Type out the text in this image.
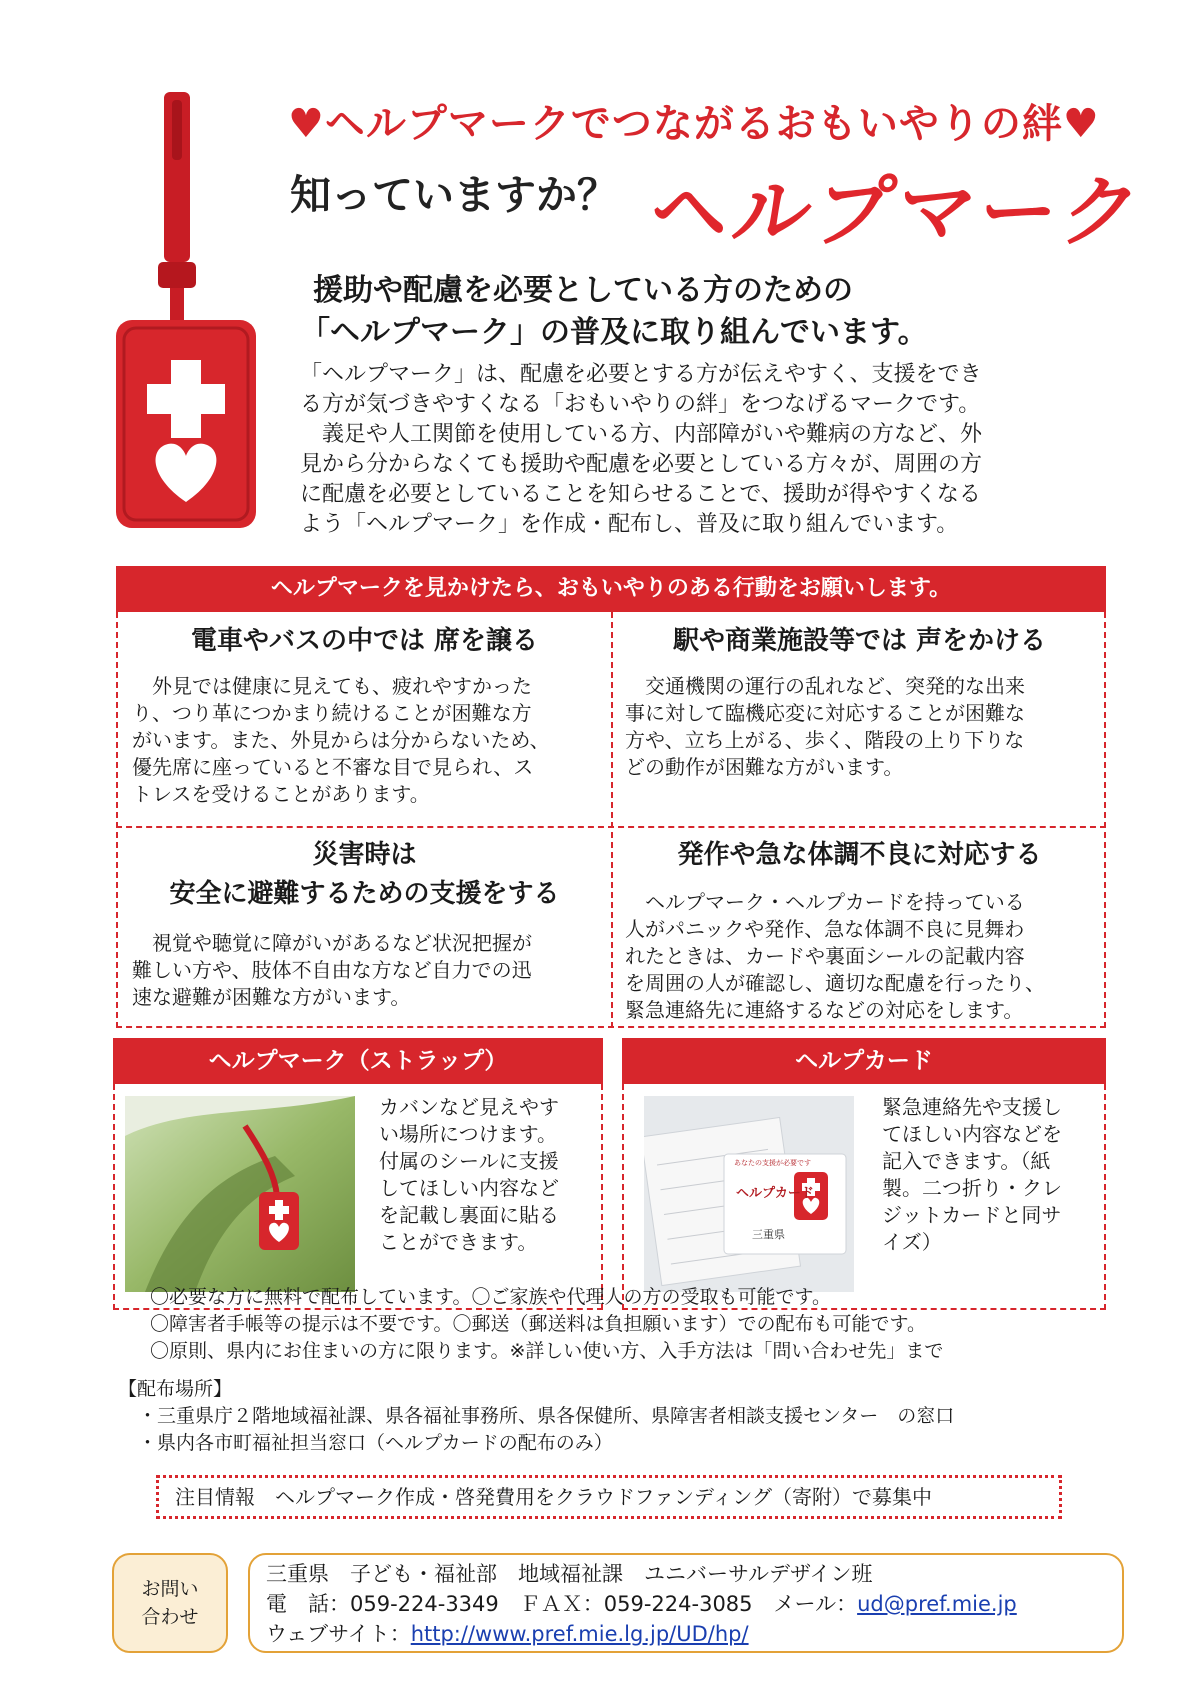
♥ヘルプマークでつながるおもいやりの絆♥
知っていますか？ ヘルプマーク
援助や配慮を必要としている方のための
「ヘルプマーク」の普及に取り組んでいます。

「ヘルプマーク」は、配慮を必要とする方が伝えやすく、支援をでき

る方が気づきやすくなる「おもいやりの絆」をつなげるマークです。

　義足や人工関節を使用している方、内部障がいや難病の方など、外

見から分からなくても援助や配慮を必要としている方々が、周囲の方

に配慮を必要としていることを知らせることで、援助が得やすくなる

よう「ヘルプマーク」を作成・配布し、普及に取り組んでいます。

ヘルプマークを見かけたら、おもいやりのある行動をお願いします。
電車やバスの中では 席を譲る

　外見では健康に見えても、疲れやすかった

り、つり革につかまり続けることが困難な方

がいます。また、外見からは分からないため、

優先席に座っていると不審な目で見られ、ス

トレスを受けることがあります。

駅や商業施設等では 声をかける

　交通機関の運行の乱れなど、突発的な出来

事に対して臨機応変に対応することが困難な

方や、立ち上がる、歩く、階段の上り下りな

どの動作が困難な方がいます。

災害時は
安全に避難するための支援をする

　視覚や聴覚に障がいがあるなど状況把握が

難しい方や、肢体不自由な方など自力での迅

速な避難が困難な方がいます。

発作や急な体調不良に対応する

　ヘルプマーク・ヘルプカードを持っている

人がパニックや発作、急な体調不良に見舞わ

れたときは、カードや裏面シールの記載内容

を周囲の人が確認し、適切な配慮を行ったり、

緊急連絡先に連絡するなどの対応をします。

ヘルプマーク（ストラップ）

カバンなど見えやす

い場所につけます。

付属のシールに支援

してほしい内容など

を記載し裏面に貼る

ことができます。

ヘルプカード
あなたの支援が必要です
ヘルプカード
三重県

緊急連絡先や支援し

てほしい内容などを

記入できます。（紙

製。二つ折り・クレ

ジットカードと同サ

イズ）

〇必要な方に無料で配布しています。〇ご家族や代理人の方の受取も可能です。

〇障害者手帳等の提示は不要です。〇郵送（郵送料は負担願います）での配布も可能です。

〇原則、県内にお住まいの方に限ります。※詳しい使い方、入手方法は「問い合わせ先」まで

【配布場所】

・三重県庁２階地域福祉課、県各福祉事務所、県各保健所、県障害者相談支援センター　の窓口

・県内各市町福祉担当窓口（ヘルプカードの配布のみ）

注目情報　ヘルプマーク作成・啓発費用をクラウドファンディング（寄附）で募集中
お問い
合わせ

三重県　子ども・福祉部　地域福祉課　ユニバーサルデザイン班

電　話：059-224-3349　ＦＡＸ：059-224-3085　メール：ud@pref.mie.jp

ウェブサイト：http://www.pref.mie.lg.jp/UD/hp/
